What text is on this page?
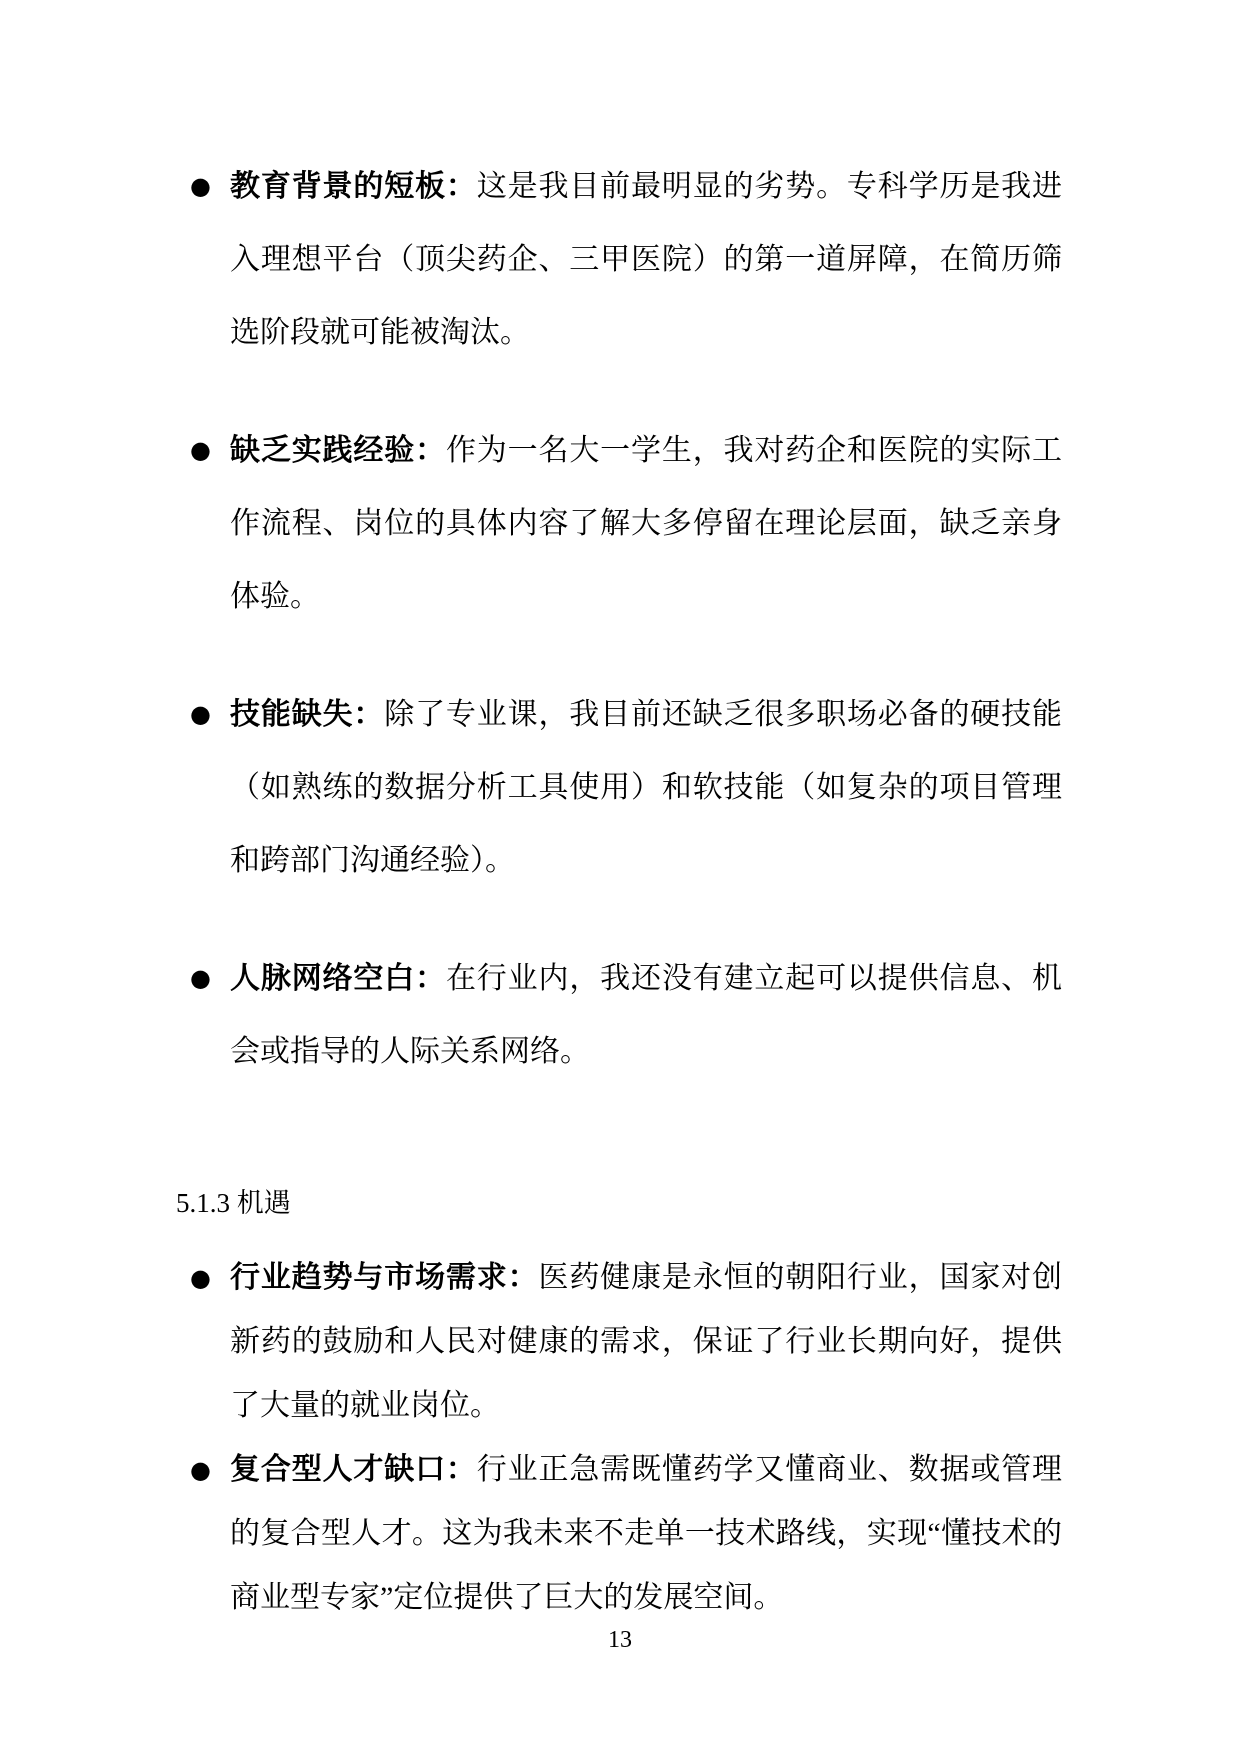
● 教育背景的短板：这是我目前最明显的劣势。专科学历是我进入理想平台（顶尖药企、三甲医院）的第一道屏障，在简历筛选阶段就可能被淘汰。
● 缺乏实践经验：作为一名大一学生，我对药企和医院的实际工作流程、岗位的具体内容了解大多停留在理论层面，缺乏亲身体验。
● 技能缺失：除了专业课，我目前还缺乏很多职场必备的硬技能（如熟练的数据分析工具使用）和软技能（如复杂的项目管理和跨部门沟通经验）。
● 人脉网络空白：在行业内，我还没有建立起可以提供信息、机会或指导的人际关系网络。
5.1.3 机遇
● 行业趋势与市场需求：医药健康是永恒的朝阳行业，国家对创新药的鼓励和人民对健康的需求，保证了行业长期向好，提供了大量的就业岗位。
● 复合型人才缺口：行业正急需既懂药学又懂商业、数据或管理的复合型人才。这为我未来不走单一技术路线，实现“懂技术的商业型专家”定位提供了巨大的发展空间。
13
